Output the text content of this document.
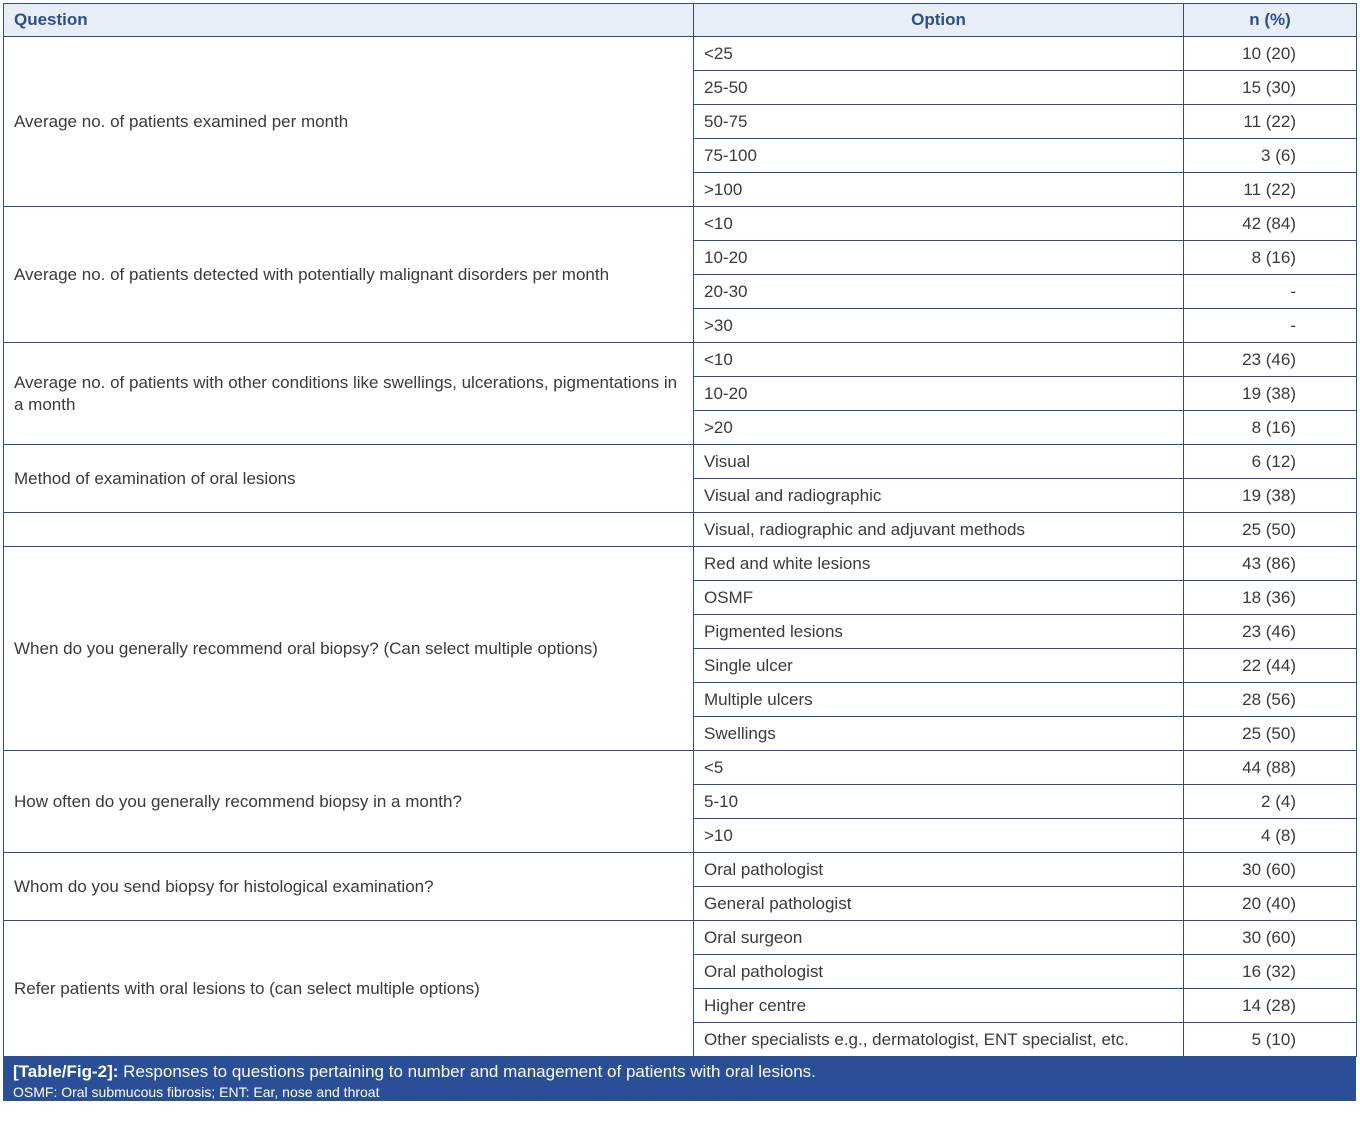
Question	Option	n (%)
Average no. of patients examined per month	<25	10 (20)
	25-50	15 (30)
	50-75	11 (22)
	75-100	3 (6)
	>100	11 (22)
Average no. of patients detected with potentially malignant disorders per month	<10	42 (84)
	10-20	8 (16)
	20-30	-
	>30	-
Average no. of patients with other conditions like swellings, ulcerations, pigmentations in a month	<10	23 (46)
	10-20	19 (38)
	>20	8 (16)
Method of examination of oral lesions	Visual	6 (12)
	Visual and radiographic	19 (38)
	Visual, radiographic and adjuvant methods	25 (50)
When do you generally recommend oral biopsy? (Can select multiple options)	Red and white lesions	43 (86)
	OSMF	18 (36)
	Pigmented lesions	23 (46)
	Single ulcer	22 (44)
	Multiple ulcers	28 (56)
	Swellings	25 (50)
How often do you generally recommend biopsy in a month?	<5	44 (88)
	5-10	2 (4)
	>10	4 (8)
Whom do you send biopsy for histological examination?	Oral pathologist	30 (60)
	General pathologist	20 (40)
Refer patients with oral lesions to (can select multiple options)	Oral surgeon	30 (60)
	Oral pathologist	16 (32)
	Higher centre	14 (28)
	Other specialists e.g., dermatologist, ENT specialist, etc.	5 (10)
[Table/Fig-2]: Responses to questions pertaining to number and management of patients with oral lesions.
OSMF: Oral submucous fibrosis; ENT: Ear, nose and throat
